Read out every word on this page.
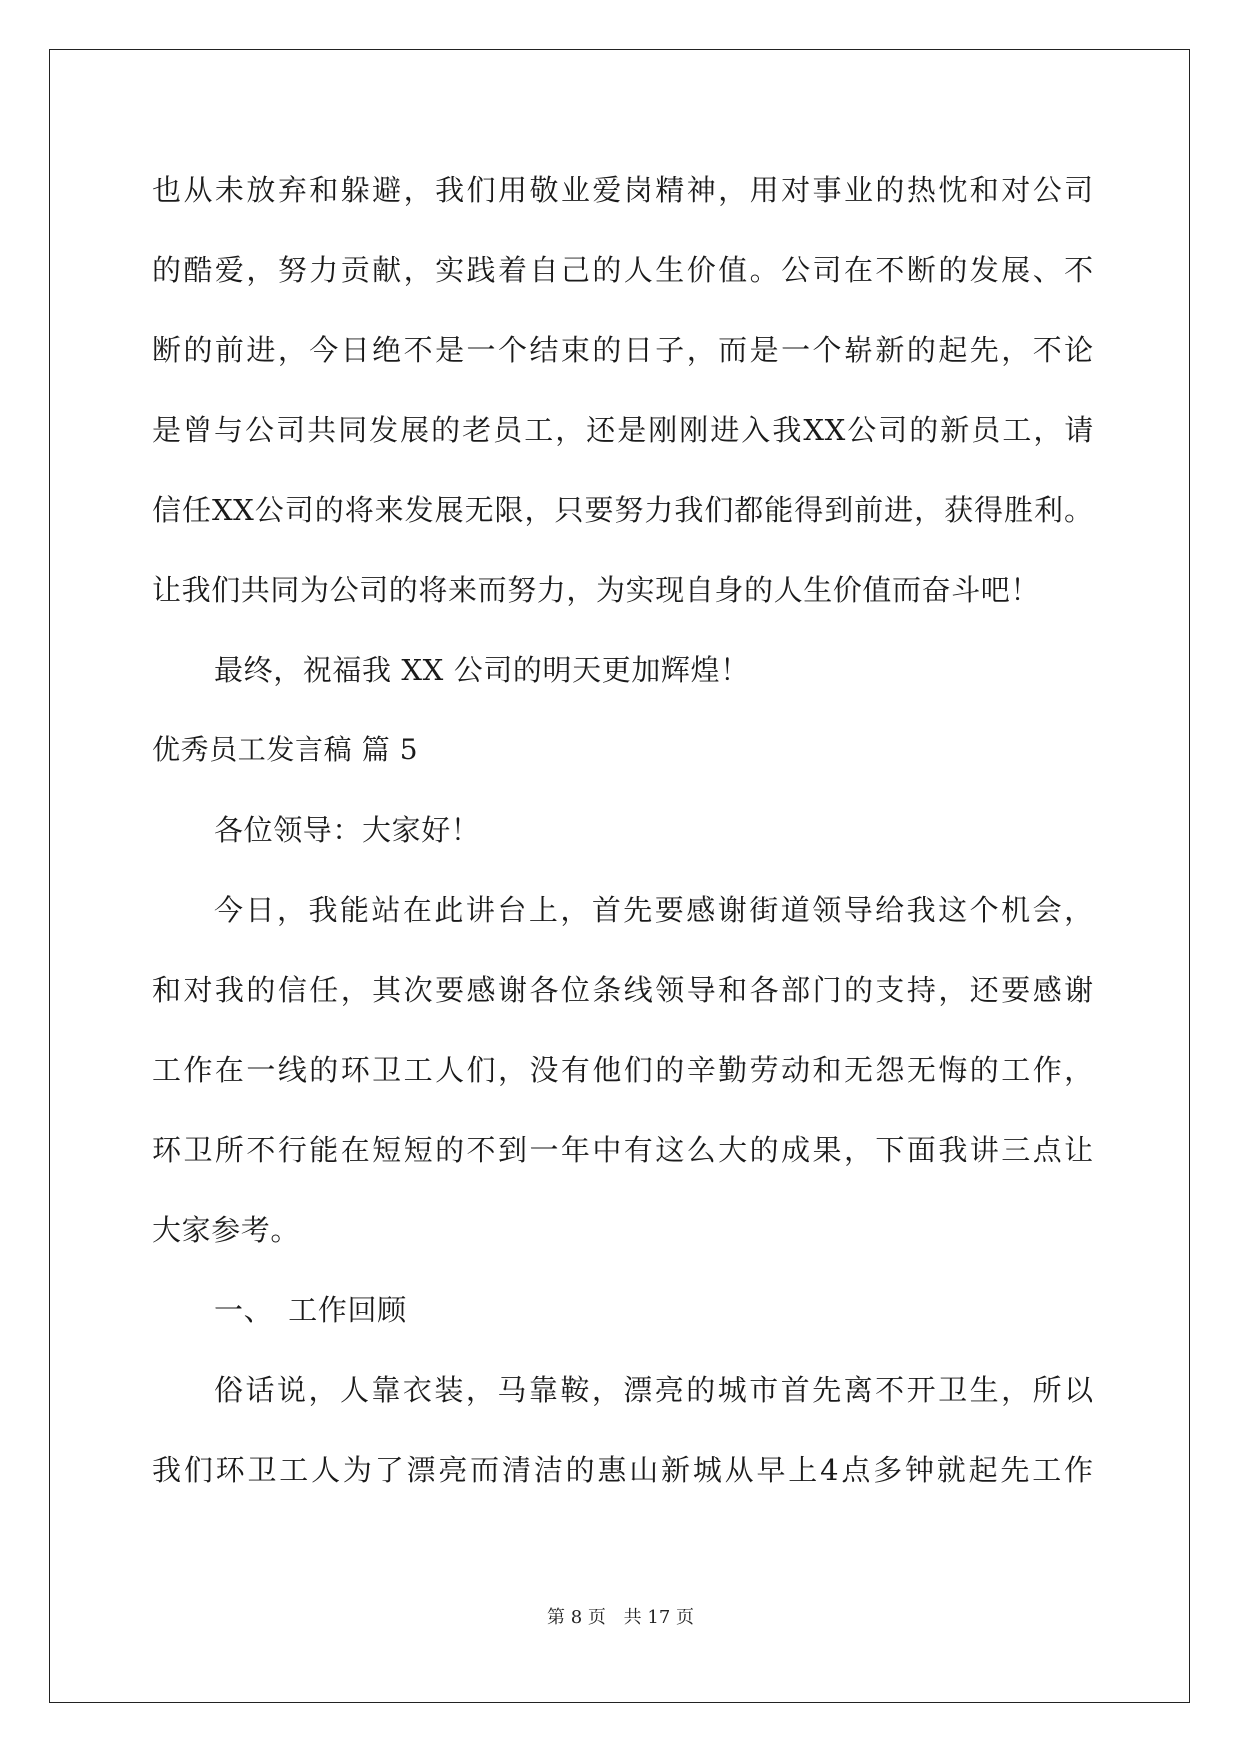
也 从 未 放 弃 和 躲 避 ， 我 们 用 敬 业 爱 岗 精 神 ， 用 对 事 业 的 热 忱 和 对 公 司
的 酷 爱 ， 努 力 贡 献 ， 实 践 着 自 己 的 人 生 价 值 。 公 司 在 不 断 的 发 展 、 不
断 的 前 进 ， 今 日 绝 不 是 一 个 结 束 的 日 子 ， 而 是 一 个 崭 新 的 起 先 ， 不 论
是 曾 与 公 司 共 同 发 展 的 老 员 工 ， 还 是 刚 刚 进 入 我 XX 公 司 的 新 员 工 ， 请
信 任 XX 公 司 的 将 来 发 展 无 限 ， 只 要 努 力 我 们 都 能 得 到 前 进 ， 获 得 胜 利 。
让我们共同为公司的将来而努力，为实现自身的人生价值而奋斗吧！
最终，祝福我 XX 公司的明天更加辉煌！
优秀员工发言稿 篇 5
各位领导：大家好！
今 日 ， 我 能 站 在 此 讲 台 上 ， 首 先 要 感 谢 街 道 领 导 给 我 这 个 机 会 ，
和 对 我 的 信 任 ， 其 次 要 感 谢 各 位 条 线 领 导 和 各 部 门 的 支 持 ， 还 要 感 谢
工 作 在 一 线 的 环 卫 工 人 们 ， 没 有 他 们 的 辛 勤 劳 动 和 无 怨 无 悔 的 工 作 ，
环 卫 所 不 行 能 在 短 短 的 不 到 一 年 中 有 这 么 大 的 成 果 ， 下 面 我 讲 三 点 让
大家参考。
一、　工作回顾
俗 话 说 ， 人 靠 衣 装 ， 马 靠 鞍 ， 漂 亮 的 城 市 首 先 离 不 开 卫 生 ， 所 以
我 们 环 卫 工 人 为 了 漂 亮 而 清 洁 的 惠 山 新 城 从 早 上 4 点 多 钟 就 起 先 工 作
第 8 页 共 17 页
